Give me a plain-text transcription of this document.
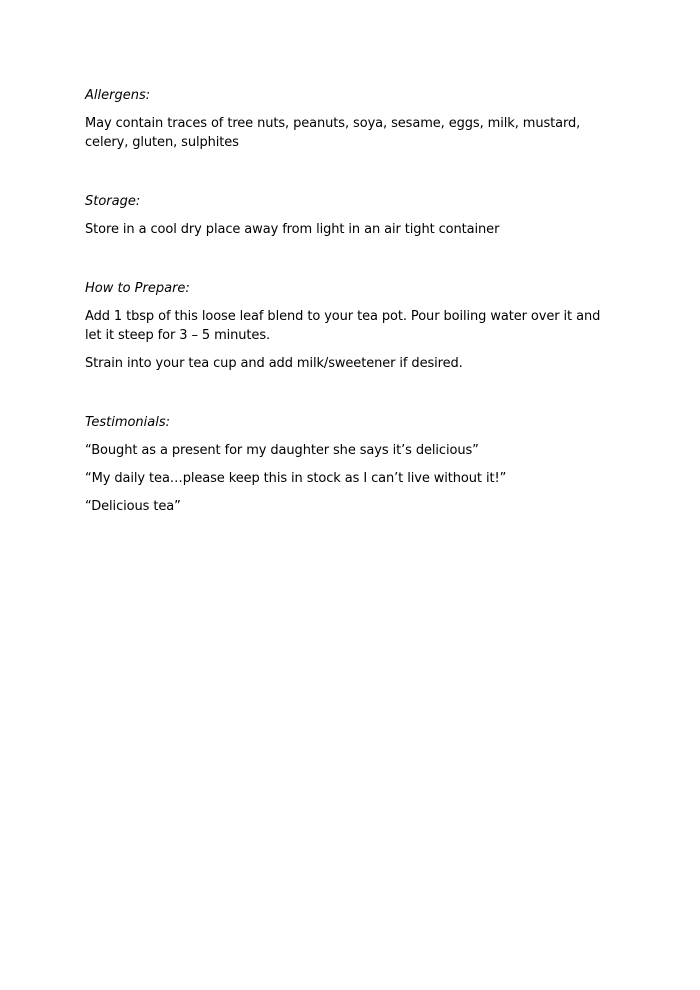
Allergens:

May contain traces of tree nuts, peanuts, soya, sesame, eggs, milk, mustard, celery, gluten, sulphites

Storage:

Store in a cool dry place away from light in an air tight container

How to Prepare:

Add 1 tbsp of this loose leaf blend to your tea pot. Pour boiling water over it and let it steep for 3 – 5 minutes.

Strain into your tea cup and add milk/sweetener if desired.

Testimonials:

“Bought as a present for my daughter she says it’s delicious”

“My daily tea…please keep this in stock as I can’t live without it!”

“Delicious tea”
